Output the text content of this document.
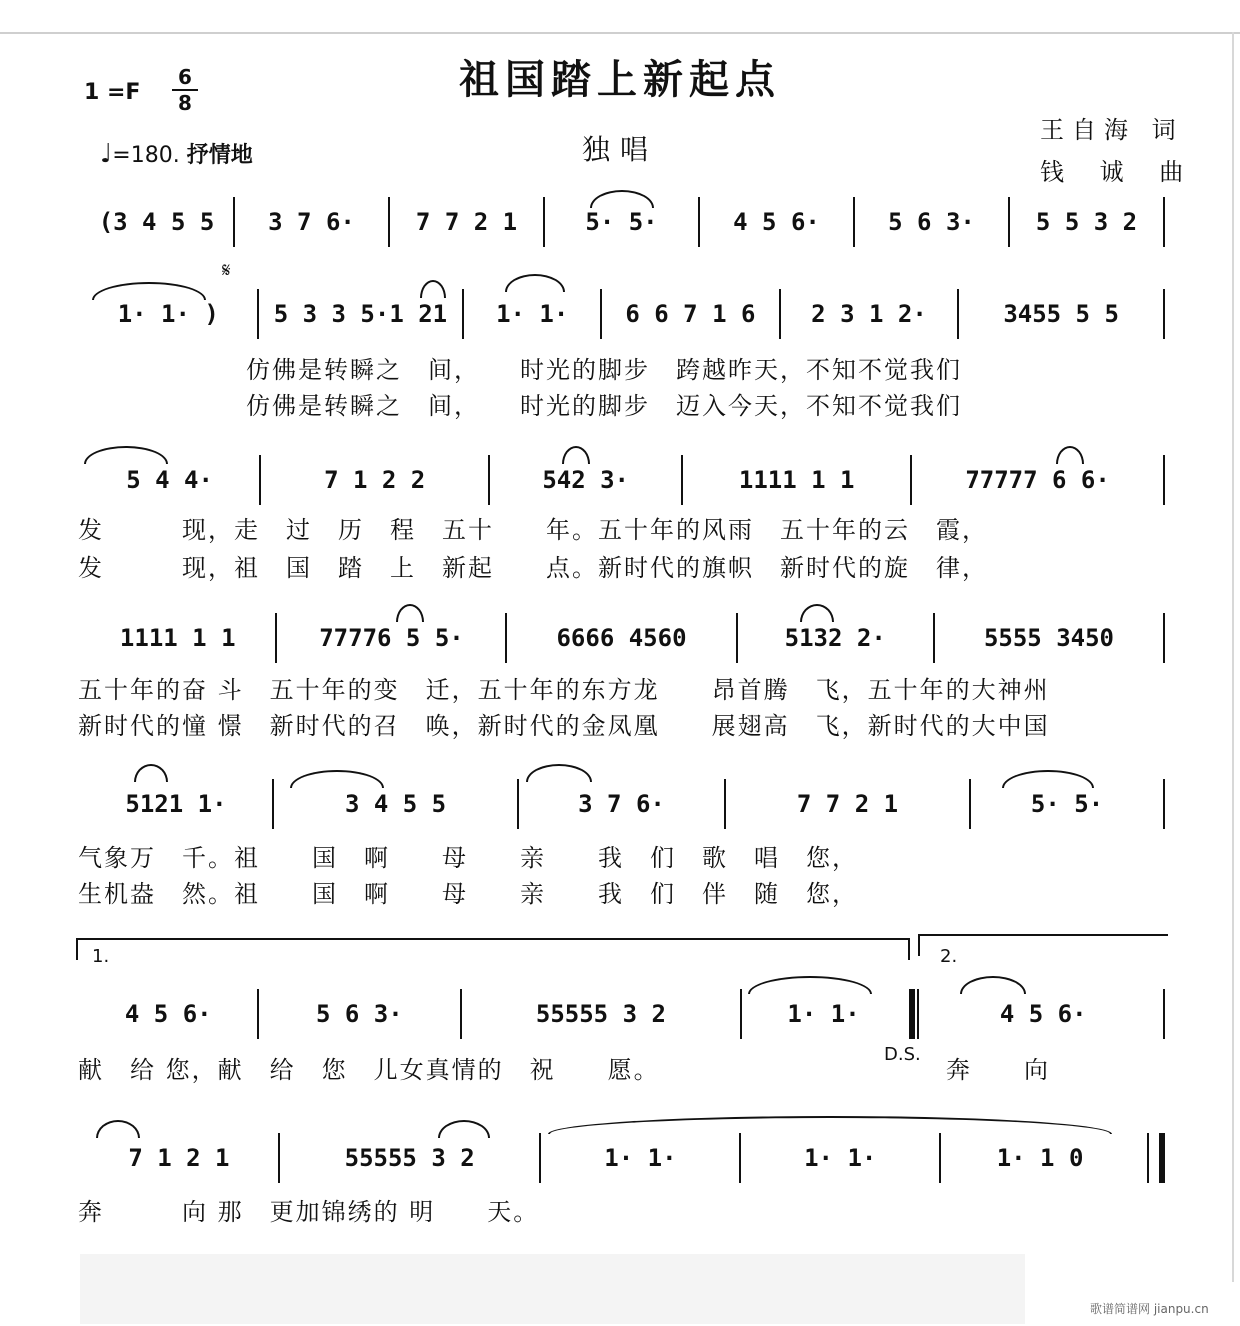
祖国踏上新起点
独唱
1 =F
6
8
♩=180. 抒情地
王自海 词
钱 诚 曲
(3 4 5 5	3 7 6·	7 7 2 1	5· 5·	4 5 6·	5 6 3·	5 5 3 2
𝄋
1· 1· )	5 3 3 5·1 21	1· 1·	6 6 7 1 6	2 3 1 2·	3455 5 5
仿佛是转瞬之　间，　　时光的脚步　跨越昨天，不知不觉我们
仿佛是转瞬之　间，　　时光的脚步　迈入今天，不知不觉我们
5 4 4·	7 1 2 2	542 3·	1111 1 1	77777 6 6·
发　　　现，走　过　历　程　五十　　年。五十年的风雨　五十年的云　霞，
发　　　现，祖　国　踏　上　新起　　点。新时代的旗帜　新时代的旋　律，
1111 1 1	77776 5 5·	6666 4560	5132 2·	5555 3450
五十年的奋 斗　五十年的变　迁，五十年的东方龙　　昂首腾　飞，五十年的大神州
新时代的憧 憬　新时代的召　唤，新时代的金凤凰　　展翅高　飞，新时代的大中国
5121 1·	3 4 5 5	3 7 6·	7 7 2 1	5· 5·
气象万　千。祖　　国　啊　　母　　亲　　我　们　歌　唱　您，
生机盎　然。祖　　国　啊　　母　　亲　　我　们　伴　随　您，
1.	2.
4 5 6·	5 6 3·	55555 3 2	1· 1·	4 5 6·
献　给 您，献　给　您　儿女真情的　祝　　愿。
D.S.
奔　　向
7 1 2 1	55555 3 2	1· 1·	1· 1·	1· 1 0
奔　　　向 那　更加锦绣的 明　　天。
歌谱简谱网 jianpu.cn
